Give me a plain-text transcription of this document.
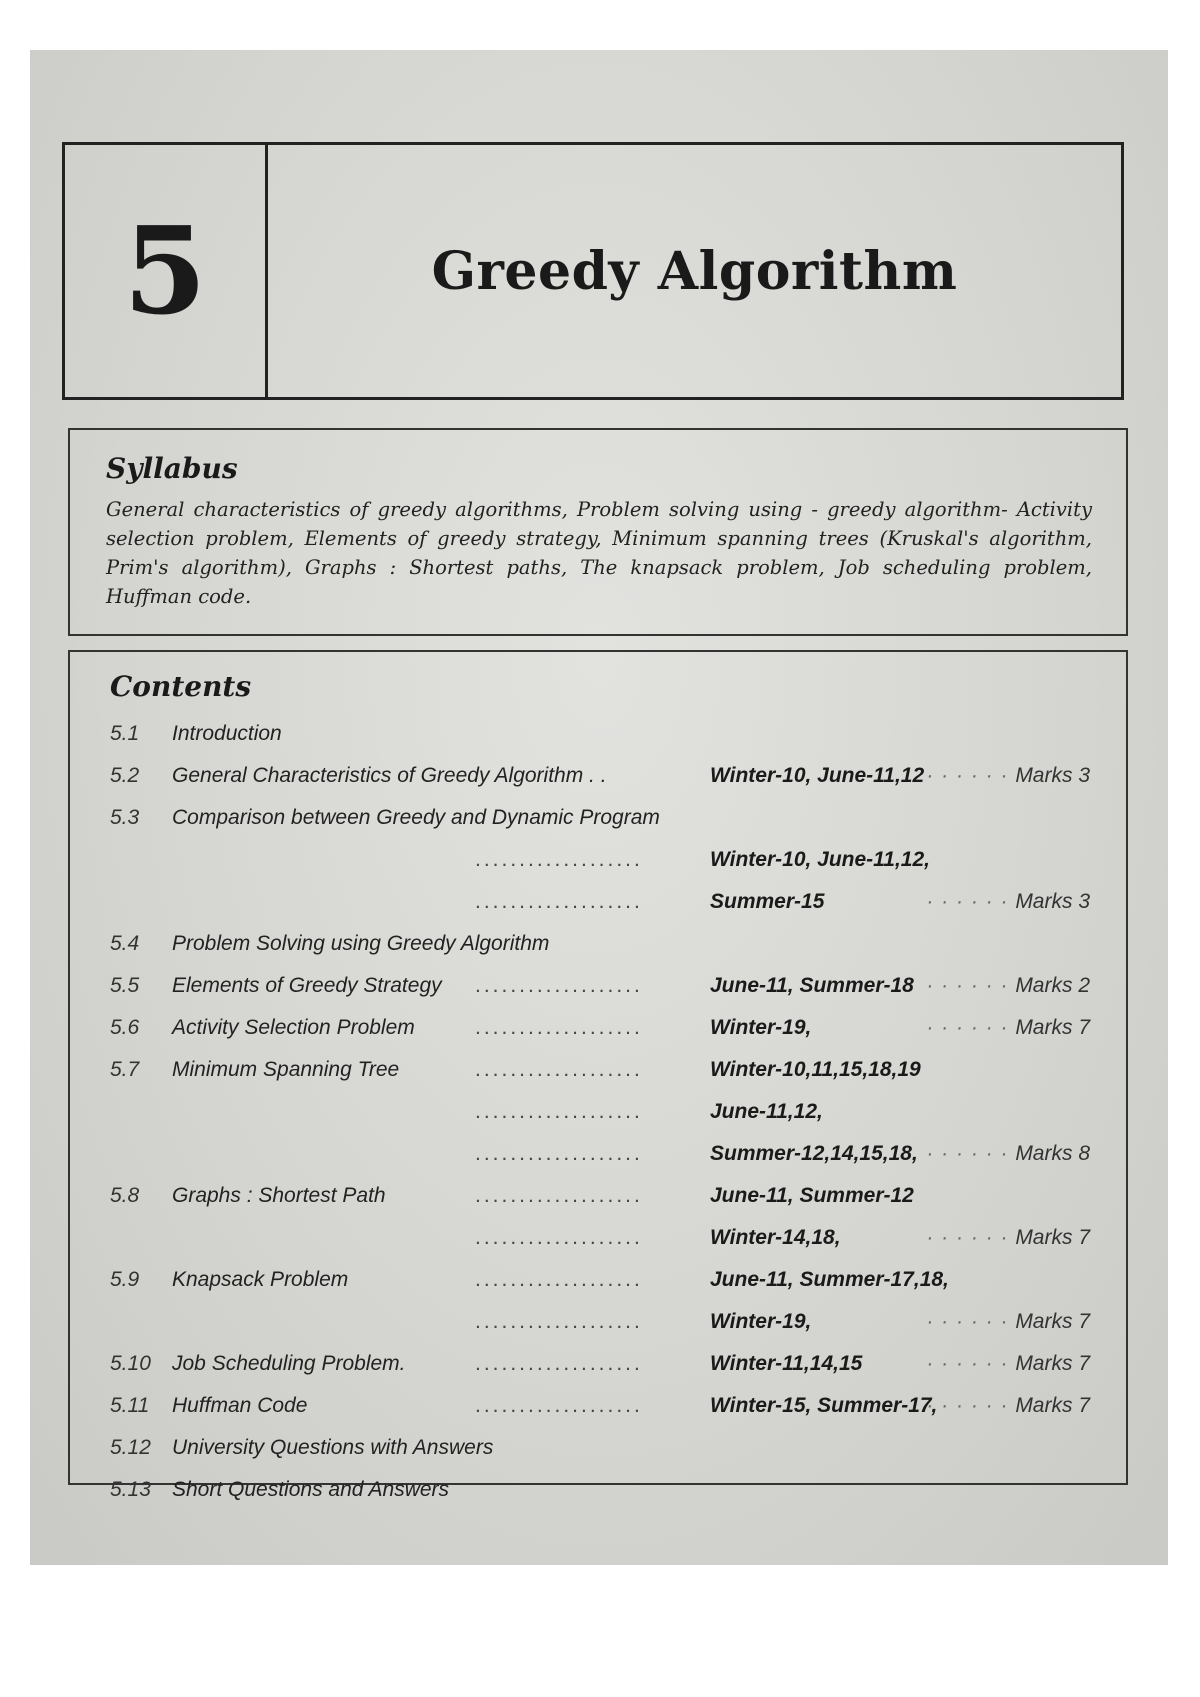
5	Greedy Algorithm
Syllabus
General characteristics of greedy algorithms, Problem solving using - greedy algorithm- Activity selection problem, Elements of greedy strategy, Minimum spanning trees (Kruskal's algorithm, Prim's algorithm), Graphs : Shortest paths, The knapsack problem, Job scheduling problem, Huffman code.
Contents
5.1	Introduction
5.2	General Characteristics of Greedy Algorithm . .	Winter-10, June-11,12	· · · Marks 3
5.3	Comparison between Greedy and Dynamic Program
...................	Winter-10, June-11,12,
...................	Summer-15	· · · Marks 3
5.4	Problem Solving using Greedy Algorithm
5.5	Elements of Greedy Strategy ...................	June-11, Summer-18	· · · Marks 2
5.6	Activity Selection Problem	...................	Winter-19,	· · · Marks 7
5.7	Minimum Spanning Tree	...................	Winter-10,11,15,18,19
...................	June-11,12,
...................	Summer-12,14,15,18,	· · · Marks 8
5.8	Graphs : Shortest Path	...................	June-11, Summer-12
...................	Winter-14,18,	· · · Marks 7
5.9	Knapsack Problem	...................	June-11, Summer-17,18,
...................	Winter-19,	· · · Marks 7
5.10	Job Scheduling Problem.	...................	Winter-11,14,15	· · · Marks 7
5.11	Huffman Code	...................	Winter-15, Summer-17,	· · · Marks 7
5.12	University Questions with Answers
5.13	Short Questions and Answers
